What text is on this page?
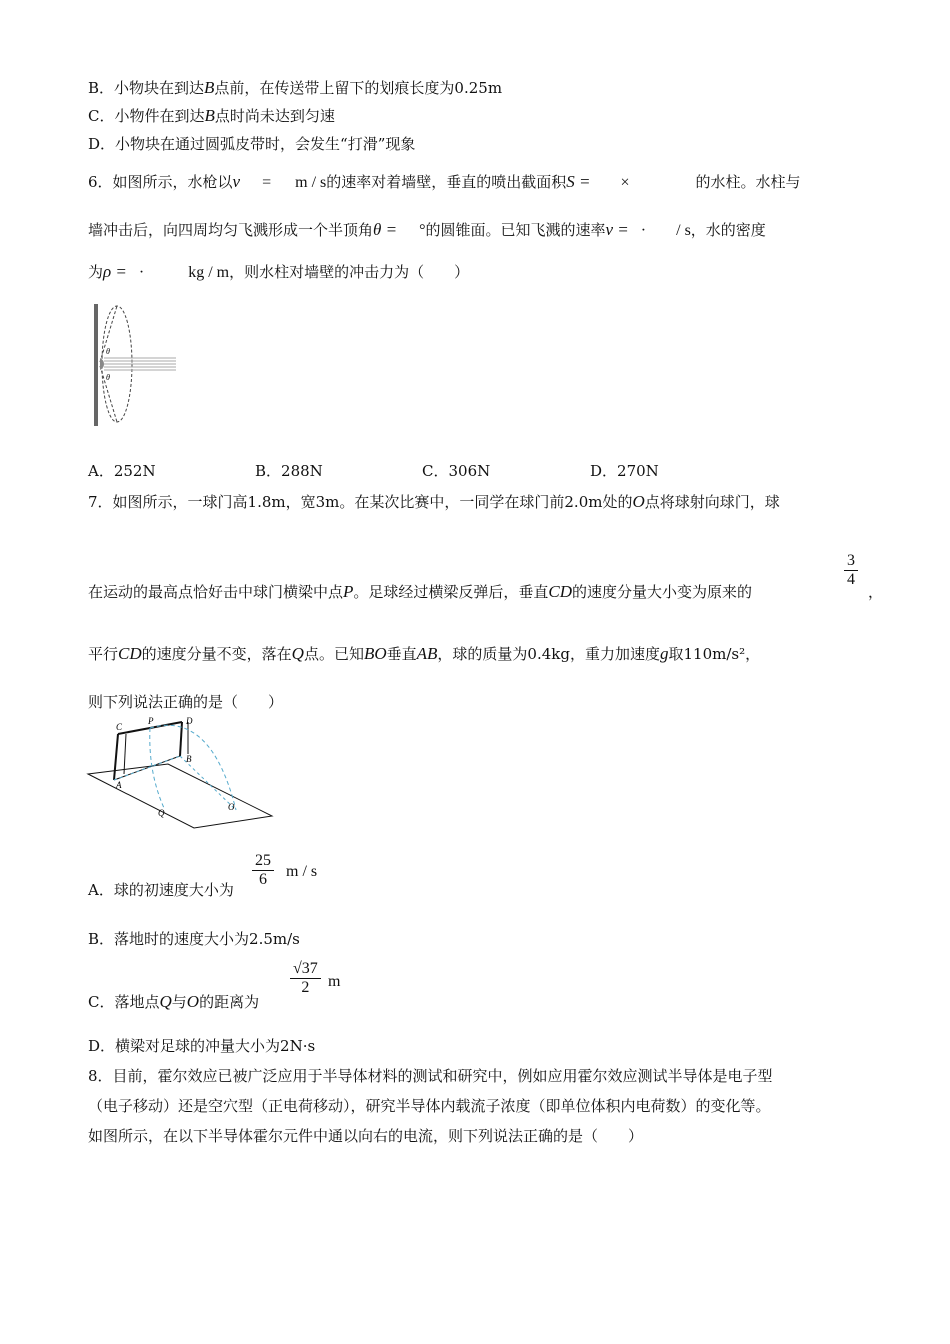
B．小物块在到达B点前，在传送带上留下的划痕长度为0.25m
C．小物件在到达B点时尚未达到匀速
D．小物块在通过圆弧皮带时，会发生“打滑”现象
6．如图所示，水枪以v = m / s的速率对着墙壁，垂直的喷出截面积S = ×	的水柱。水柱与
墙冲击后，向四周均匀飞溅形成一个半顶角θ = °的圆锥面。已知飞溅的速率v = · / s，水的密度
为ρ = ·	kg / m，则水柱对墙壁的冲击力为（　　）
θ
θ
A．252N	B．288N	C．306N	D．270N
7．如图所示，一球门高1.8m，宽3m。在某次比赛中，一同学在球门前2.0m处的O点将球射向球门，球
在运动的最高点恰好击中球门横梁中点P。足球经过横梁反弹后，垂直CD的速度分量大小变为原来的
$\frac{3}{4}$
，
平行CD的速度分量不变，落在Q点。已知BO垂直AB，球的质量为0.4kg，重力加速度g取110m/s²，
则下列说法正确的是（　　）
C
P	D
B
A
Q
O
A．球的初速度大小为
$\frac{25}{6}$ m / s
B．落地时的速度大小为2.5m/s
C．落地点Q与O的距离为
$\frac{√37}{2}$ m
D．横梁对足球的冲量大小为2N·s
8．目前，霍尔效应已被广泛应用于半导体材料的测试和研究中，例如应用霍尔效应测试半导体是电子型
（电子移动）还是空穴型（正电荷移动），研究半导体内载流子浓度（即单位体积内电荷数）的变化等。
如图所示，在以下半导体霍尔元件中通以向右的电流，则下列说法正确的是（　　）
